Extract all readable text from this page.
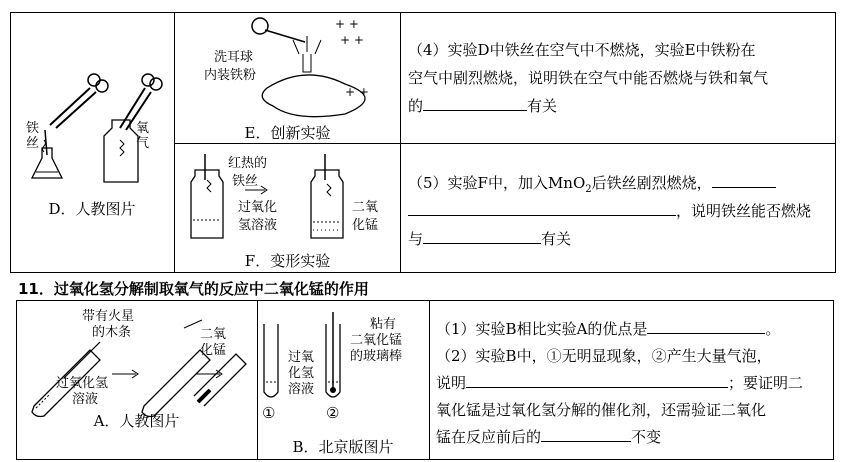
铁丝
氧气
D．人教图片
+ +
+ +
+ +
洗耳球
内装铁粉
E．创新实验
红热的
铁丝
过氧化
氢溶液
二氧
化锰
F．变形实验
（4）实验D中铁丝在空气中不燃烧，实验E中铁粉在
空气中剧烈燃烧，说明铁在空气中能否燃烧与铁和氧气
的	有关
（5）实验F中，加入MnO$_2$后铁丝剧烈燃烧，
，说明铁丝能否燃烧
与	有关
11．过氧化氢分解制取氧气的反应中二氧化锰的作用
带有火星
的木条	二氧
化锰
过氧化氢
溶液
A．人教图片
过氧
化氢
溶液
粘有
二氧化锰
的玻璃棒
①	②
B．北京版图片
（1）实验B相比实验A的优点是	。
（2）实验B中，①无明显现象，②产生大量气泡，
说明	；要证明二
氧化锰是过氧化氢分解的催化剂，还需验证二氧化
锰在反应前后的	不变
